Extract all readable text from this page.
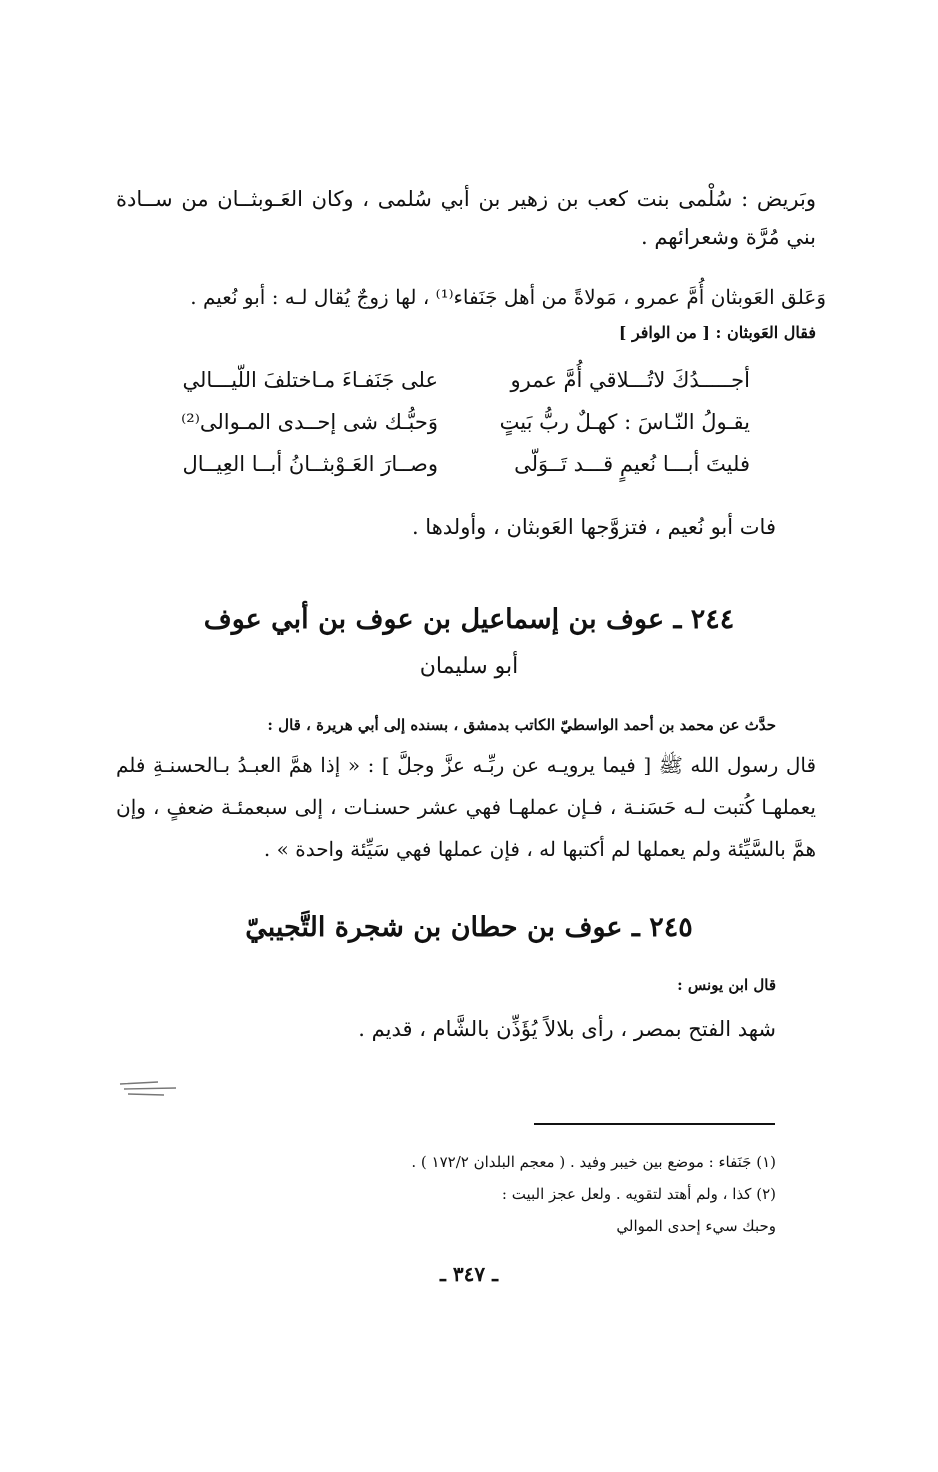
وبَريض : سُلْمى بنت كعب بن زهير بن أبي سُلمى ، وكان العَـوبثــان من ســادة بني مُرَّة وشعرائهم .
وَعَلق العَوبثان أُمَّ عمرو ، مَولاةً من أهل جَنَفاء⁽¹⁾ ، لها زوجٌ يُقال لـه : أبو نُعيم .
فقال العَوبثان : [ من الوافر ]
أجـــــدُكَ لاتُـــلاقي أُمَّ عمرو
على جَنَفـاءَ مـاختلفَ اللّيـــالي
يقـولُ النّـاسَ : كهـلٌ ربُّ بَيتٍ
وَحبُّـك شى إحــدى المـوالى⁽²⁾
فليتَ أبـــا نُعيمٍ قـــد تَــوَلّى
وصــارَ العَـوْبثــانُ أبــا العِيــال
فات أبو نُعيم ، فتزوَّجها العَوبثان ، وأولدها .
٢٤٤ ـ عوف بن إسماعيل بن عوف بن أبي عوف
أبو سليمان
حدَّث عن محمد بن أحمد الواسطيّ الكاتب بدمشق ، بسنده إلى أبي هريرة ، قال :
قال رسول الله ﷺ [ فيما يرويـه عن ربِّـه عزَّ وجلَّ ] : « إذا همَّ العبـدُ بـالحسنـةِ فلم يعملهـا كُتبت لـه حَسَنـة ، فـإن عملهـا فهي عشر حسنـات ، إلى سبعمئـة ضعفٍ ، وإن همَّ بالسَّيِّئة ولم يعملها لم أكتبها له ، فإن عملها فهي سَيِّئة واحدة » .
٢٤٥ ـ عوف بن حطان بن شجرة التَّجيبيّ
قال ابن يونس :
شهد الفتح بمصر ، رأى بلالاً يُؤَذِّن بالشَّام ، قديم .
(١) جَنَفاء : موضع بين خيبر وفيد . ( معجم البلدان ١٧٢/٢ ) .
(٢) كذا ، ولم أهتد لتقويه . ولعل عجز البيت :
وحبك سيء إحدى الموالي
ـ ٣٤٧ ـ
